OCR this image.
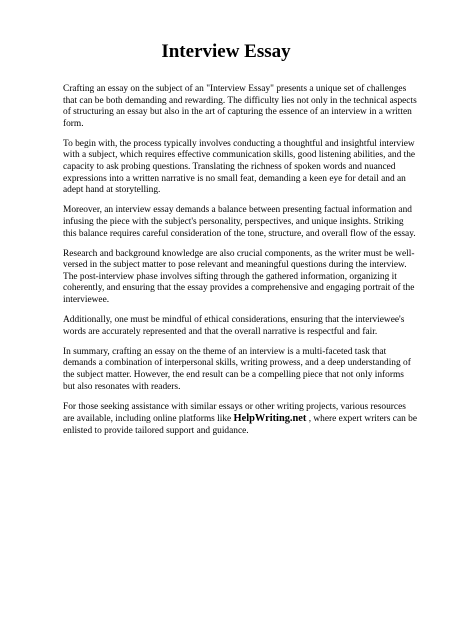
Interview Essay

Crafting an essay on the subject of an "Interview Essay" presents a unique set of challenges that can be both demanding and rewarding. The difficulty lies not only in the technical aspects of structuring an essay but also in the art of capturing the essence of an interview in a written form.

To begin with, the process typically involves conducting a thoughtful and insightful interview with a subject, which requires effective communication skills, good listening abilities, and the capacity to ask probing questions. Translating the richness of spoken words and nuanced expressions into a written narrative is no small feat, demanding a keen eye for detail and an adept hand at storytelling.

Moreover, an interview essay demands a balance between presenting factual information and infusing the piece with the subject's personality, perspectives, and unique insights. Striking this balance requires careful consideration of the tone, structure, and overall flow of the essay.

Research and background knowledge are also crucial components, as the writer must be well-versed in the subject matter to pose relevant and meaningful questions during the interview. The post-interview phase involves sifting through the gathered information, organizing it coherently, and ensuring that the essay provides a comprehensive and engaging portrait of the interviewee.

Additionally, one must be mindful of ethical considerations, ensuring that the interviewee's words are accurately represented and that the overall narrative is respectful and fair.

In summary, crafting an essay on the theme of an interview is a multi-faceted task that demands a combination of interpersonal skills, writing prowess, and a deep understanding of the subject matter. However, the end result can be a compelling piece that not only informs but also resonates with readers.

For those seeking assistance with similar essays or other writing projects, various resources are available, including online platforms like HelpWriting.net , where expert writers can be enlisted to provide tailored support and guidance.
